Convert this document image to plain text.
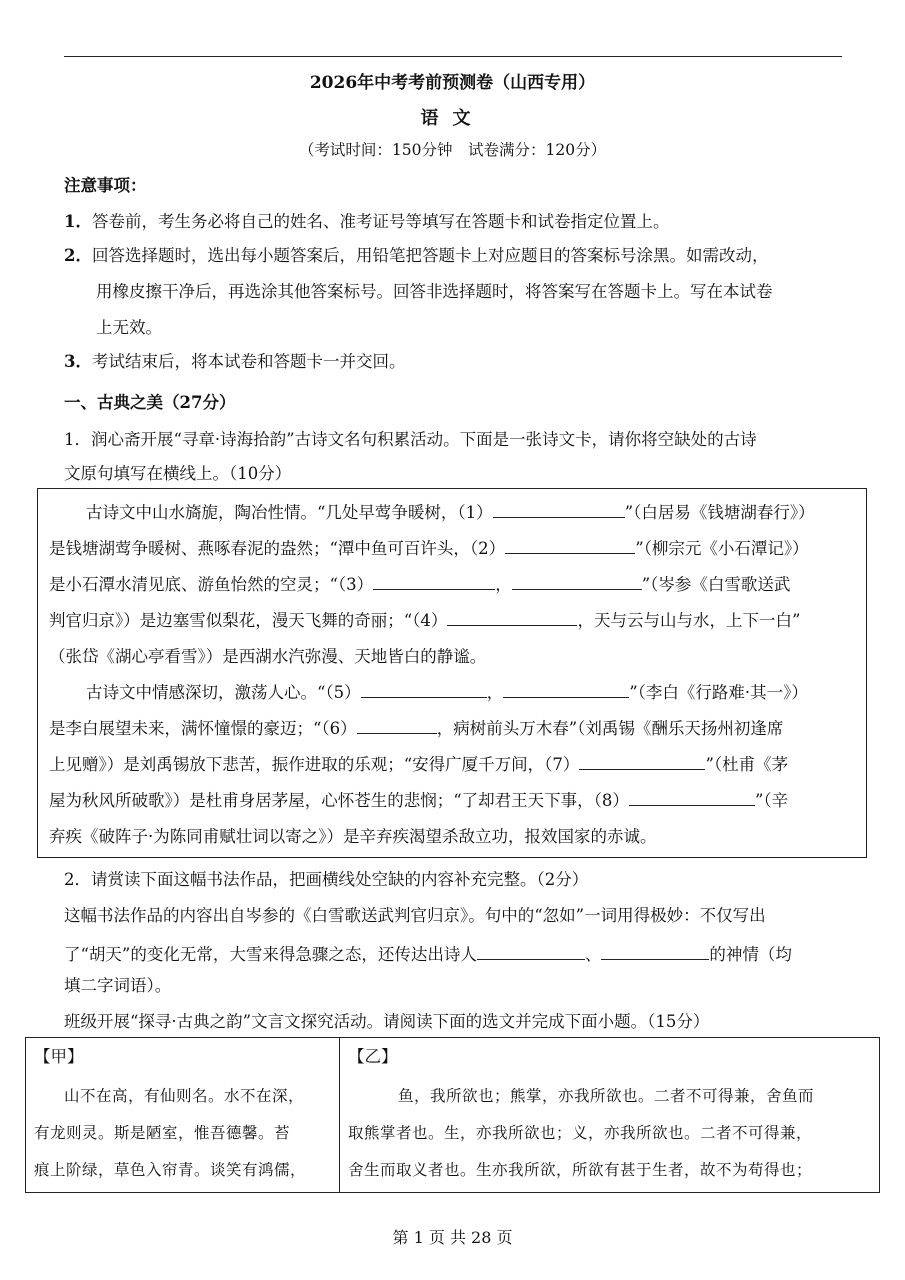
2026年中考考前预测卷（山西专用）
语文
（考试时间：150分钟　试卷满分：120分）
注意事项：
1．答卷前，考生务必将自己的姓名、准考证号等填写在答题卡和试卷指定位置上。
2．回答选择题时，选出每小题答案后，用铅笔把答题卡上对应题目的答案标号涂黑。如需改动，
用橡皮擦干净后，再选涂其他答案标号。回答非选择题时，将答案写在答题卡上。写在本试卷
上无效。
3．考试结束后，将本试卷和答题卡一并交回。
一、古典之美（27分）
1．润心斋开展“寻章·诗海拾韵”古诗文名句积累活动。下面是一张诗文卡，请你将空缺处的古诗
文原句填写在横线上。（10分）
古诗文中山水旖旎，陶冶性情。“几处早莺争暖树，（1）	”（白居易《钱塘湖春行》）
是钱塘湖莺争暖树、燕啄春泥的盎然；“潭中鱼可百许头，（2）	”（柳宗元《小石潭记》）
是小石潭水清见底、游鱼怡然的空灵；“（3）	，	”（岑参《白雪歌送武
判官归京》）是边塞雪似梨花，漫天飞舞的奇丽；“（4）	，天与云与山与水，上下一白”
（张岱《湖心亭看雪》）是西湖水汽弥漫、天地皆白的静谧。
古诗文中情感深切，激荡人心。“（5）	，	”（李白《行路难·其一》）
是李白展望未来，满怀憧憬的豪迈；“（6）	，病树前头万木春”（刘禹锡《酬乐天扬州初逢席
上见赠》）是刘禹锡放下悲苦，振作进取的乐观；“安得广厦千万间，（7）	”（杜甫《茅
屋为秋风所破歌》）是杜甫身居茅屋，心怀苍生的悲悯；“了却君王天下事，（8）	”（辛
弃疾《破阵子·为陈同甫赋壮词以寄之》）是辛弃疾渴望杀敌立功，报效国家的赤诚。
2．请赏读下面这幅书法作品，把画横线处空缺的内容补充完整。（2分）
这幅书法作品的内容出自岑参的《白雪歌送武判官归京》。句中的“忽如”一词用得极妙：不仅写出
了“胡天”的变化无常，大雪来得急骤之态，还传达出诗人	、	的神情（均
填二字词语）。
班级开展“探寻·古典之韵”文言文探究活动。请阅读下面的选文并完成下面小题。（15分）
【甲】
山不在高，有仙则名。水不在深，
有龙则灵。斯是陋室，惟吾德馨。苔
痕上阶绿，草色入帘青。谈笑有鸿儒，
【乙】
鱼，我所欲也；熊掌，亦我所欲也。二者不可得兼，舍鱼而
取熊掌者也。生，亦我所欲也；义，亦我所欲也。二者不可得兼，
舍生而取义者也。生亦我所欲，所欲有甚于生者，故不为苟得也；
第 1 页 共 28 页
